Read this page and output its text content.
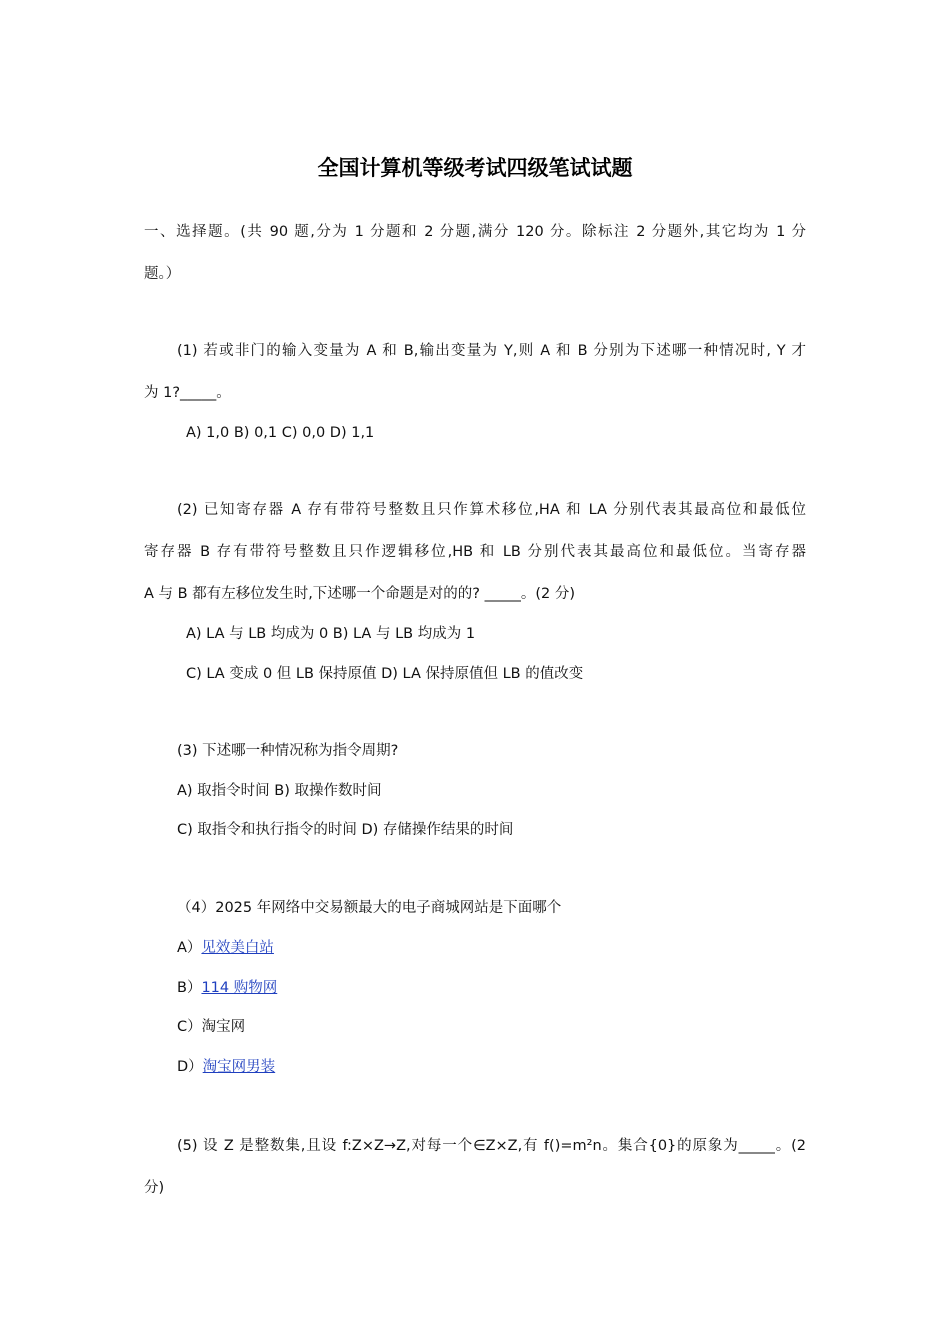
全国计算机等级考试四级笔试试题
一、选择题。(共 90 题,分为 1 分题和 2 分题,满分 120 分。除标注 2 分题外,其它均为 1 分
题。）
(1) 若或非门的输入变量为 A 和 B,输出变量为 Y,则 A 和 B 分别为下述哪一种情况时, Y 才
为 1?_____。
A) 1,0 B) 0,1 C) 0,0 D) 1,1
(2) 已知寄存器 A 存有带符号整数且只作算术移位,HA 和 LA 分别代表其最高位和最低位
寄存器 B 存有带符号整数且只作逻辑移位,HB 和 LB 分别代表其最高位和最低位。当寄存器
A 与 B 都有左移位发生时,下述哪一个命题是对的的? _____。(2 分)
A) LA 与 LB 均成为 0 B) LA 与 LB 均成为 1
C) LA 变成 0 但 LB 保持原值 D) LA 保持原值但 LB 的值改变
(3) 下述哪一种情况称为指令周期?
A) 取指令时间 B) 取操作数时间
C) 取指令和执行指令的时间 D) 存储操作结果的时间
（4）2025 年网络中交易额最大的电子商城网站是下面哪个
A）见效美白站
B）114 购物网
C）淘宝网
D）淘宝网男装
(5) 设 Z 是整数集,且设 f:Z×Z→Z,对每一个∈Z×Z,有 f()=m²n。集合{0}的原象为_____。(2
分)
